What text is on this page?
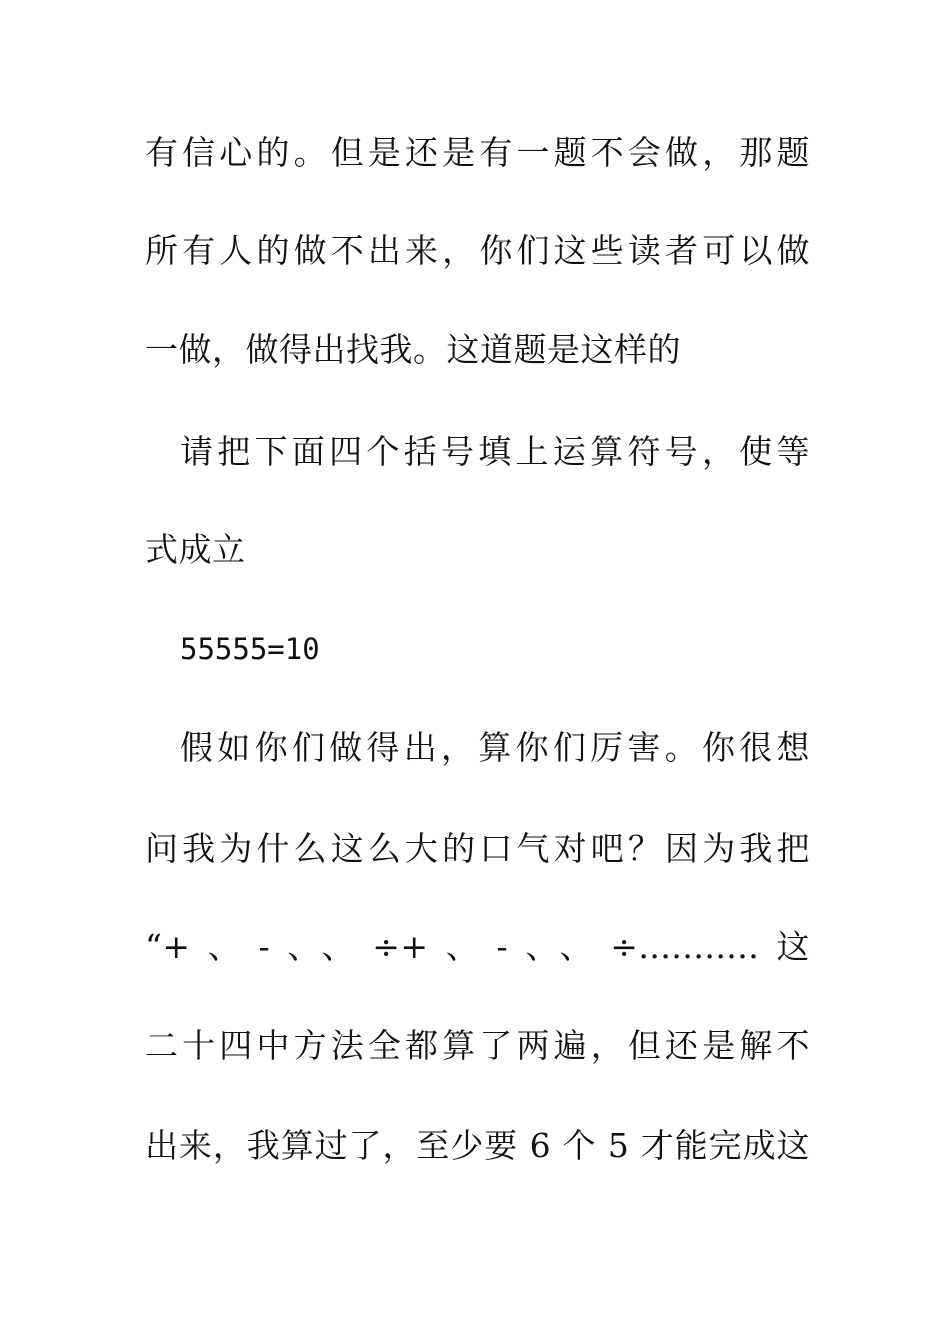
有信心的。但是还是有一题不会做，那题
所有人的做不出来，你们这些读者可以做
一做，做得出找我。这道题是这样的
请把下面四个括号填上运算符号，使等
式成立
55555=10
假如你们做得出，算你们厉害。你很想
问我为什么这么大的口气对吧？因为我把
“+、-、、÷+、-、、÷...........这
二十四中方法全都算了两遍，但还是解不
出来，我算过了，至少要 6 个 5 才能完成这
